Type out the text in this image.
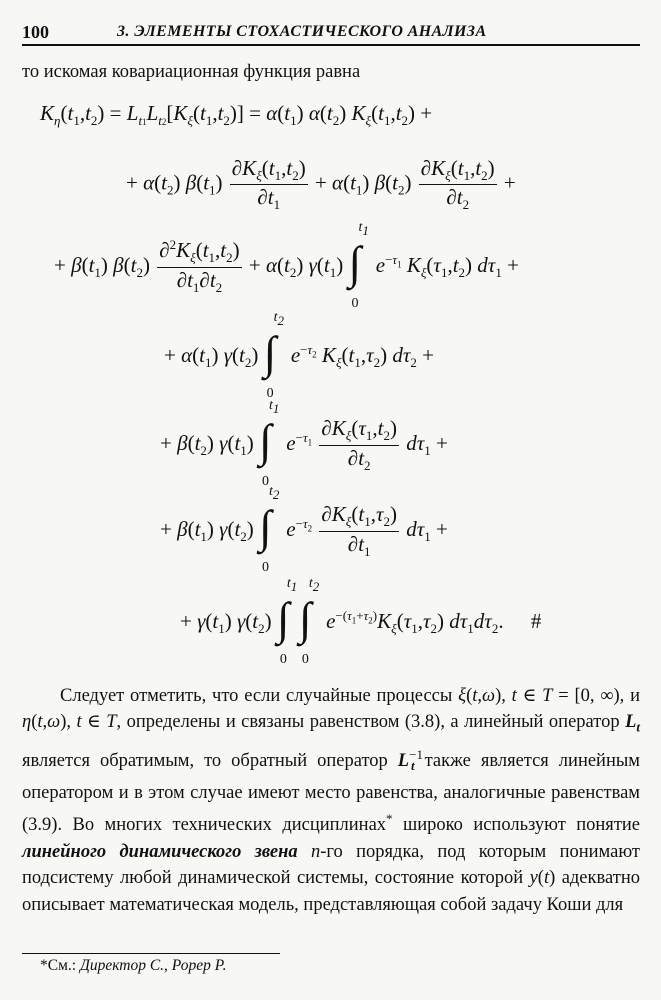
100	3. ЭЛЕМЕНТЫ СТОХАСТИЧЕСКОГО АНАЛИЗА
то искомая ковариационная функция равна
$K_\eta(t_1,t_2) = L_{t1}L_{t2}[K_\xi(t_1,t_2)] = \alpha(t_1)$ $\alpha(t_2) K_\xi(t_1,t_2)$ +
+ $\alpha(t_2)$ $\beta(t_1) \frac{\partial K_\xi(t_1,t_2)}{\partial t_1} + \alpha(t_1)$ $\beta(t_2) \frac{\partial K_\xi(t_1,t_2)}{\partial t_2}$ +
+ $\beta(t_1)$ $\beta(t_2) \frac{\partial^2K_\xi(t_1,t_2)}{\partial t_1\partial t_2} + \alpha(t_2)$ $\gamma(t_1)$ ∫
$t_1$
0
$e^{-\tau_1}$ $K_\xi(\tau_1,t_2) d\tau_1$ +
+ $\alpha(t_1)$ $\gamma(t_2)$ ∫
$t_2$
0
$e^{-\tau_2}$ $K_\xi(t_1,\tau_2) d\tau_2$ +
+ $\beta(t_2)$ $\gamma(t_1)$ ∫
$t_1$
0
$e^{-\tau_1} \frac{\partial K_\xi(\tau_1,t_2)}{\partial t_2} d\tau_1$ +
+ $\beta(t_1)$ $\gamma(t_2)$ ∫
$t_2$
0
$e^{-\tau_2} \frac{\partial K_\xi(t_1,\tau_2)}{\partial t_1} d\tau_1$ +
+ $\gamma(t_1)$ $\gamma(t_2)$ ∫
$t_1$
0
∫
$t_2$
0
$e^{-(\tau_1+\tau_2)}K_\xi(\tau_1,\tau_2)$ $d\tau_1d\tau_2$. #

Следует отметить, что если случайные процессы ξ(t,ω), t ∈ T = [0, ∞), и η(t,ω), t ∈ T, определены и связаны равенством (3.8), а линейный оператор $L_t$ является обратимым, то обратный оператор $L^{-1}_t$ также является линейным оператором и в этом случае имеют место равенства, аналогичные равенствам (3.9). Во многих технических дисциплинах* широко используют понятие линейного динамического звена n-го порядка, под которым понимают подсистему любой динамической системы, состояние которой y(t) адекватно описывает математическая модель, представляющая собой задачу Коши для

*См.: Директор С., Рорер Р.
